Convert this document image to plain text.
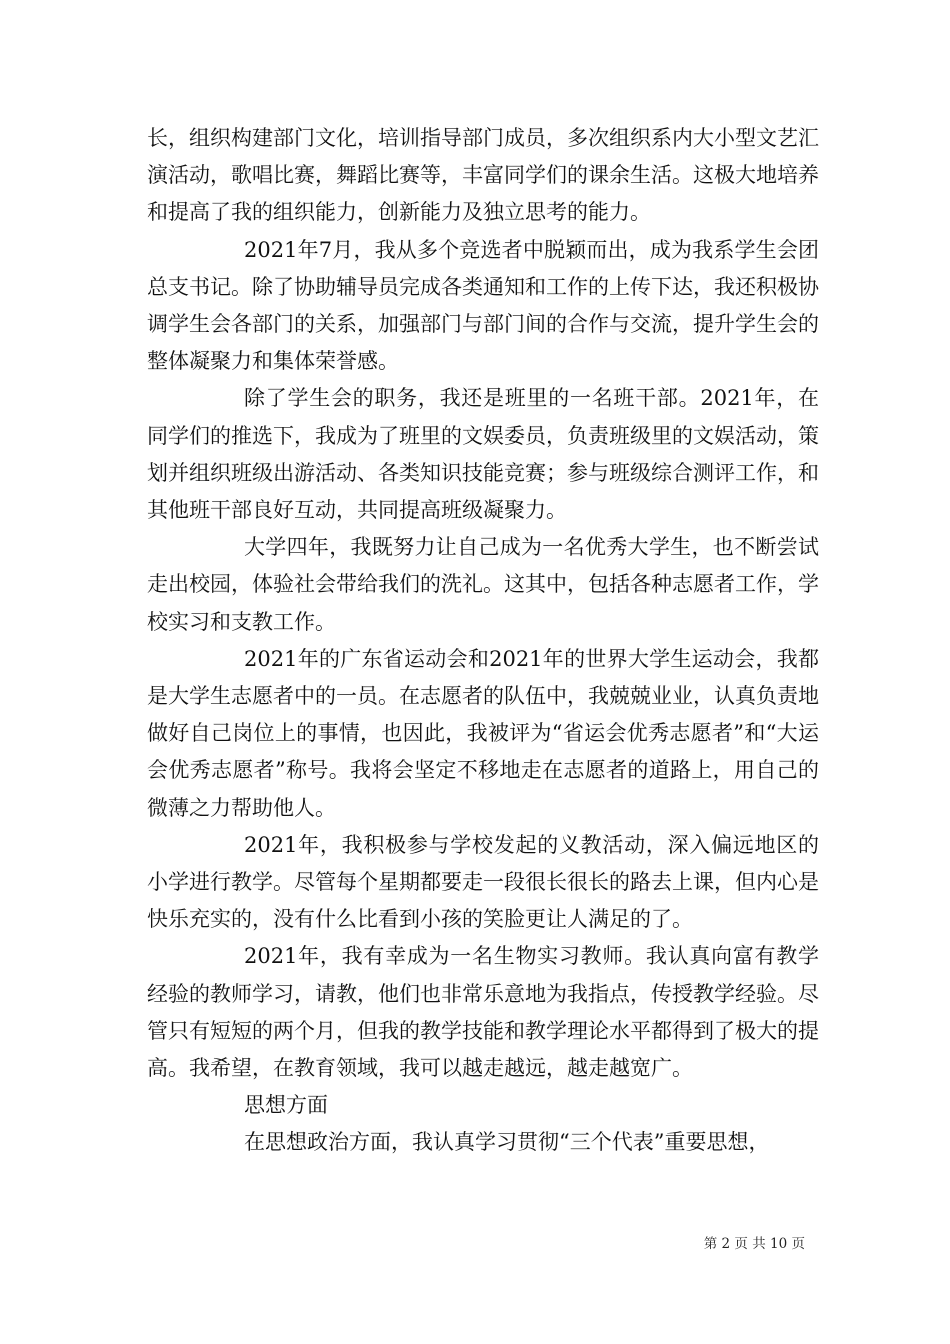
长，组织构建部门文化，培训指导部门成员，多次组织系内大小型文艺汇演活动，歌唱比赛，舞蹈比赛等，丰富同学们的课余生活。这极大地培养和提高了我的组织能力，创新能力及独立思考的能力。

2021年7月，我从多个竞选者中脱颖而出，成为我系学生会团总支书记。除了协助辅导员完成各类通知和工作的上传下达，我还积极协调学生会各部门的关系，加强部门与部门间的合作与交流，提升学生会的整体凝聚力和集体荣誉感。

除了学生会的职务，我还是班里的一名班干部。2021年，在同学们的推选下，我成为了班里的文娱委员，负责班级里的文娱活动，策划并组织班级出游活动、各类知识技能竞赛；参与班级综合测评工作，和其他班干部良好互动，共同提高班级凝聚力。

大学四年，我既努力让自己成为一名优秀大学生，也不断尝试走出校园，体验社会带给我们的洗礼。这其中，包括各种志愿者工作，学校实习和支教工作。

2021年的广东省运动会和2021年的世界大学生运动会，我都是大学生志愿者中的一员。在志愿者的队伍中，我兢兢业业，认真负责地做好自己岗位上的事情，也因此，我被评为“省运会优秀志愿者”和“大运会优秀志愿者”称号。我将会坚定不移地走在志愿者的道路上，用自己的微薄之力帮助他人。

2021年，我积极参与学校发起的义教活动，深入偏远地区的小学进行教学。尽管每个星期都要走一段很长很长的路去上课，但内心是快乐充实的，没有什么比看到小孩的笑脸更让人满足的了。

2021年，我有幸成为一名生物实习教师。我认真向富有教学经验的教师学习，请教，他们也非常乐意地为我指点，传授教学经验。尽管只有短短的两个月，但我的教学技能和教学理论水平都得到了极大的提高。我希望，在教育领域，我可以越走越远，越走越宽广。

思想方面

在思想政治方面，我认真学习贯彻“三个代表”重要思想，

第 2 页 共 10 页
